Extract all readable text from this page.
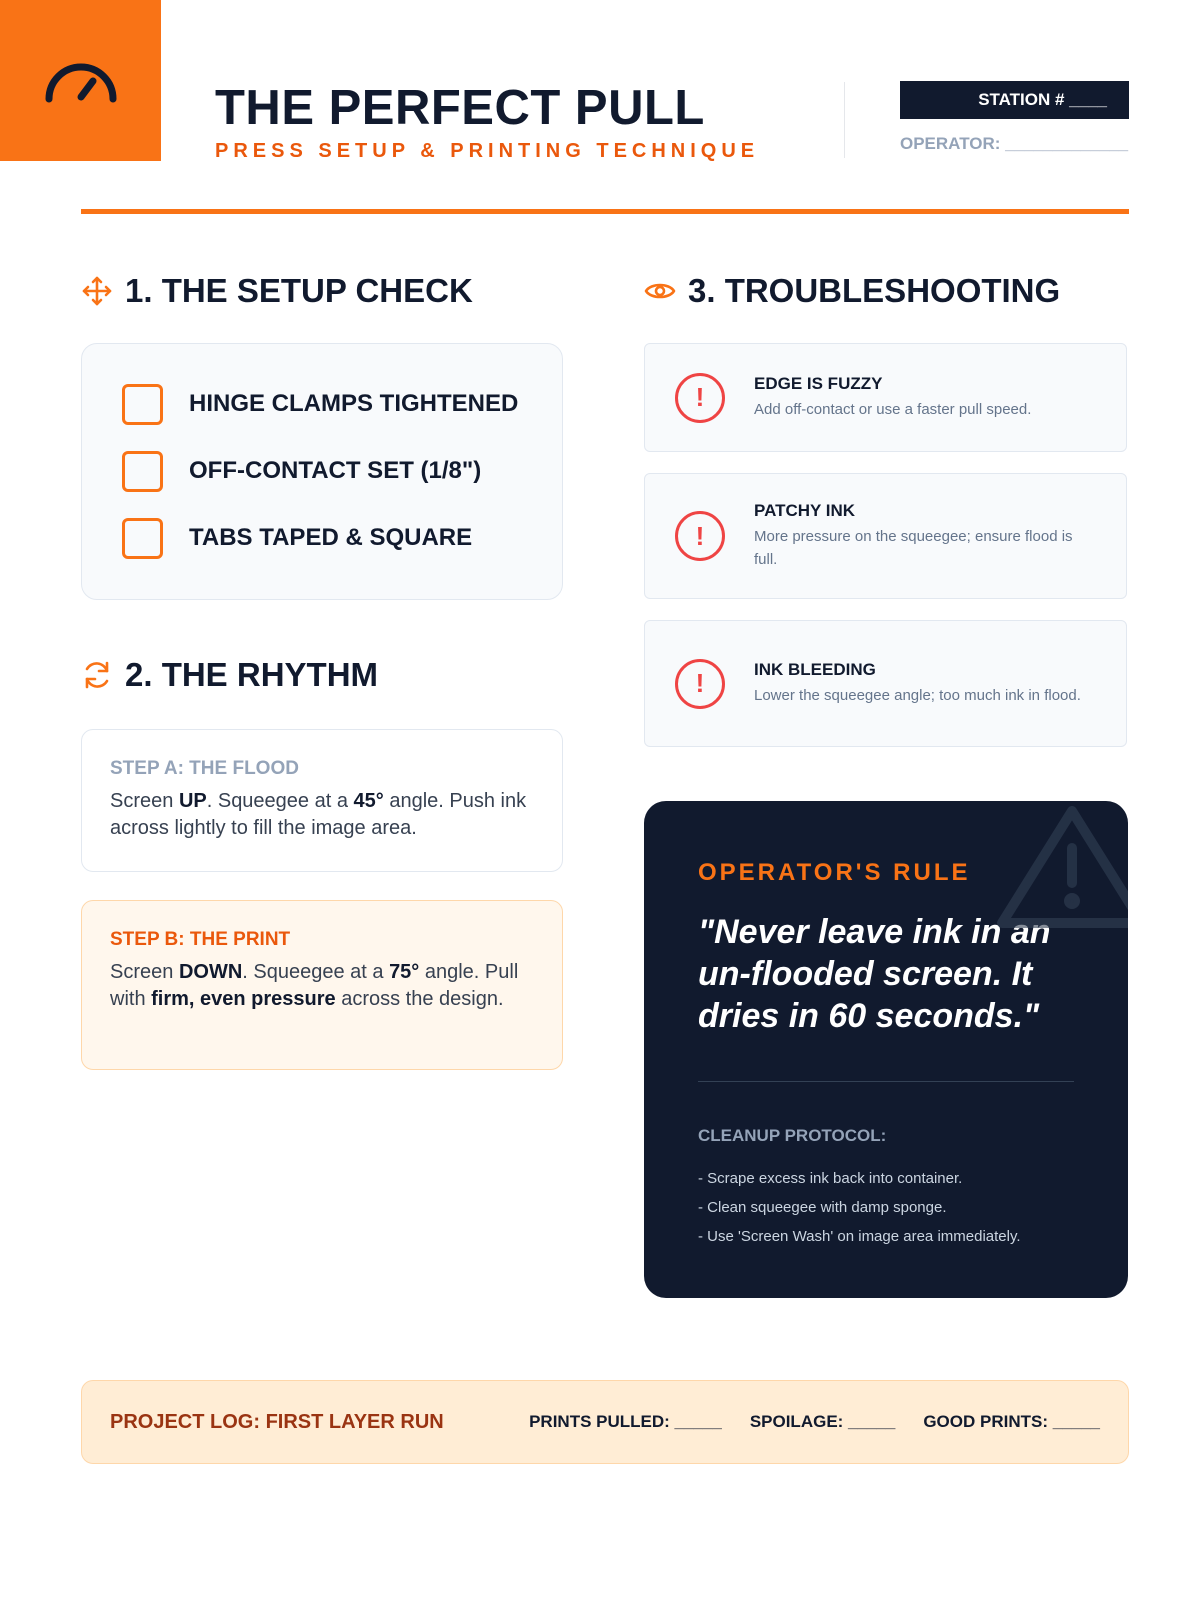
THE PERFECT PULL
PRESS SETUP & PRINTING TECHNIQUE
STATION # ____
OPERATOR: _____________
1. THE SETUP CHECK
HINGE CLAMPS TIGHTENED
OFF-CONTACT SET (1/8")
TABS TAPED & SQUARE
2. THE RHYTHM
STEP A: THE FLOOD
Screen UP. Squeegee at a 45° angle. Push ink across lightly to fill the image area.
STEP B: THE PRINT
Screen DOWN. Squeegee at a 75° angle. Pull with firm, even pressure across the design.
3. TROUBLESHOOTING
!	EDGE IS FUZZY
Add off-contact or use a faster pull speed.
!
PATCHY INK
More pressure on the squeegee; ensure flood is full.
!	INK BLEEDING
Lower the squeegee angle; too much ink in flood.
OPERATOR'S RULE
"Never leave ink in an un-flooded screen. It dries in 60 seconds."
CLEANUP PROTOCOL:
- Scrape excess ink back into container.
- Clean squeegee with damp sponge.
- Use 'Screen Wash' on image area immediately.
PROJECT LOG: FIRST LAYER RUN	PRINTS PULLED: _____ SPOILAGE: _____ GOOD PRINTS: _____
